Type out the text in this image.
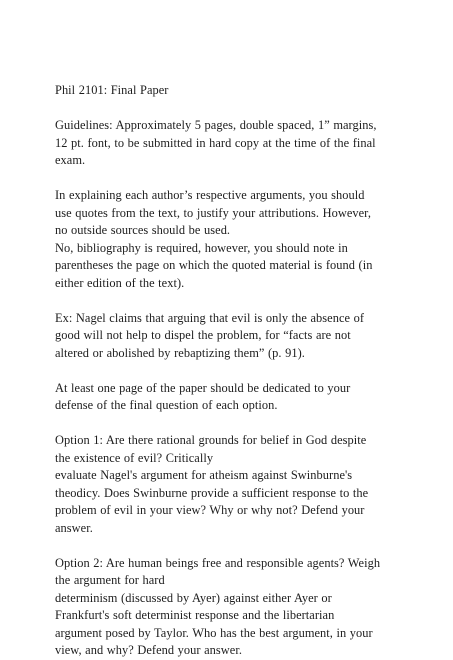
Phil 2101: Final Paper

Guidelines: Approximately 5 pages, double spaced, 1” margins,
12 pt. font, to be submitted in hard copy at the time of the final
exam.

In explaining each author’s respective arguments, you should
use quotes from the text, to justify your attributions. However,
no outside sources should be used.
No, bibliography is required, however, you should note in
parentheses the page on which the quoted material is found (in
either edition of the text).

Ex: Nagel claims that arguing that evil is only the absence of
good will not help to dispel the problem, for “facts are not
altered or abolished by rebaptizing them” (p. 91).

At least one page of the paper should be dedicated to your
defense of the final question of each option.

Option 1: Are there rational grounds for belief in God despite
the existence of evil? Critically
evaluate Nagel's argument for atheism against Swinburne's
theodicy. Does Swinburne provide a sufficient response to the
problem of evil in your view? Why or why not? Defend your
answer.

Option 2: Are human beings free and responsible agents? Weigh
the argument for hard
determinism (discussed by Ayer) against either Ayer or
Frankfurt's soft determinist response and the libertarian
argument posed by Taylor. Who has the best argument, in your
view, and why? Defend your answer.
